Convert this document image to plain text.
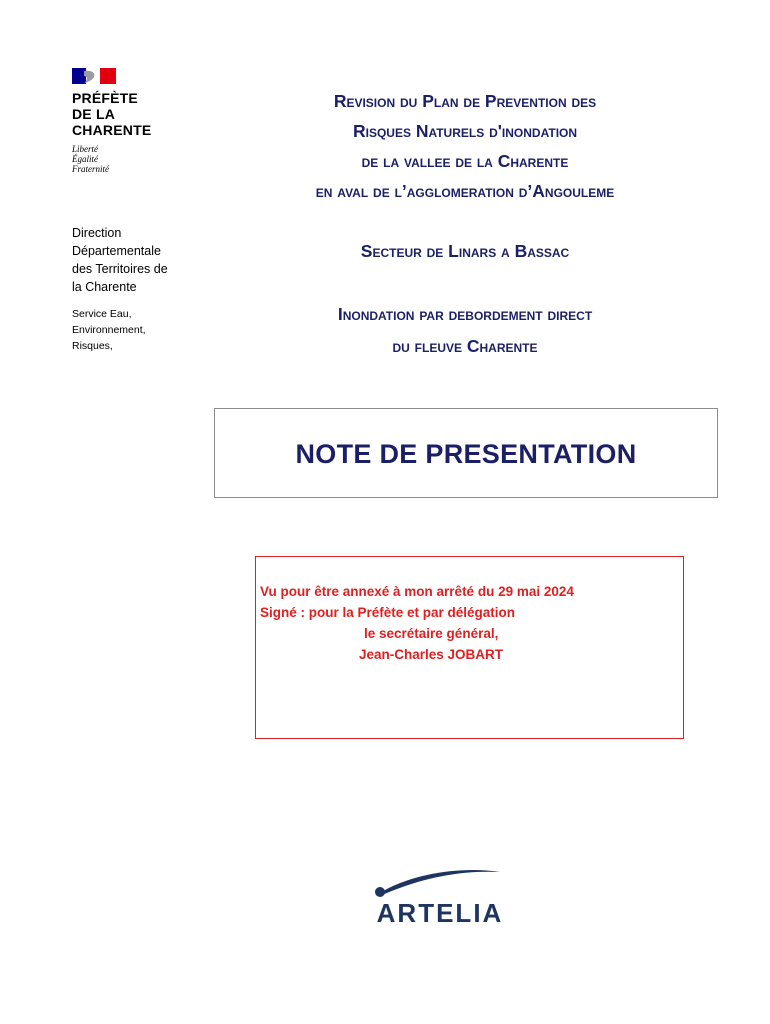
PRÉFÈTE
DE LA
CHARENTE
Liberté
Égalité
Fraternité
Direction
Départementale
des Territoires de
la Charente
Service Eau,
Environnement,
Risques,
Revision du Plan de Prevention des
Risques Naturels d'inondation
de la vallee de la Charente
en aval de l’agglomeration d’Angouleme
Secteur de Linars a Bassac
Inondation par debordement direct
du fleuve Charente
NOTE DE PRESENTATION
Vu pour être annexé à mon arrêté du 29 mai 2024
Signé : pour la Préfète et par délégation
le secrétaire général,
Jean-Charles JOBART
ARTELIA
